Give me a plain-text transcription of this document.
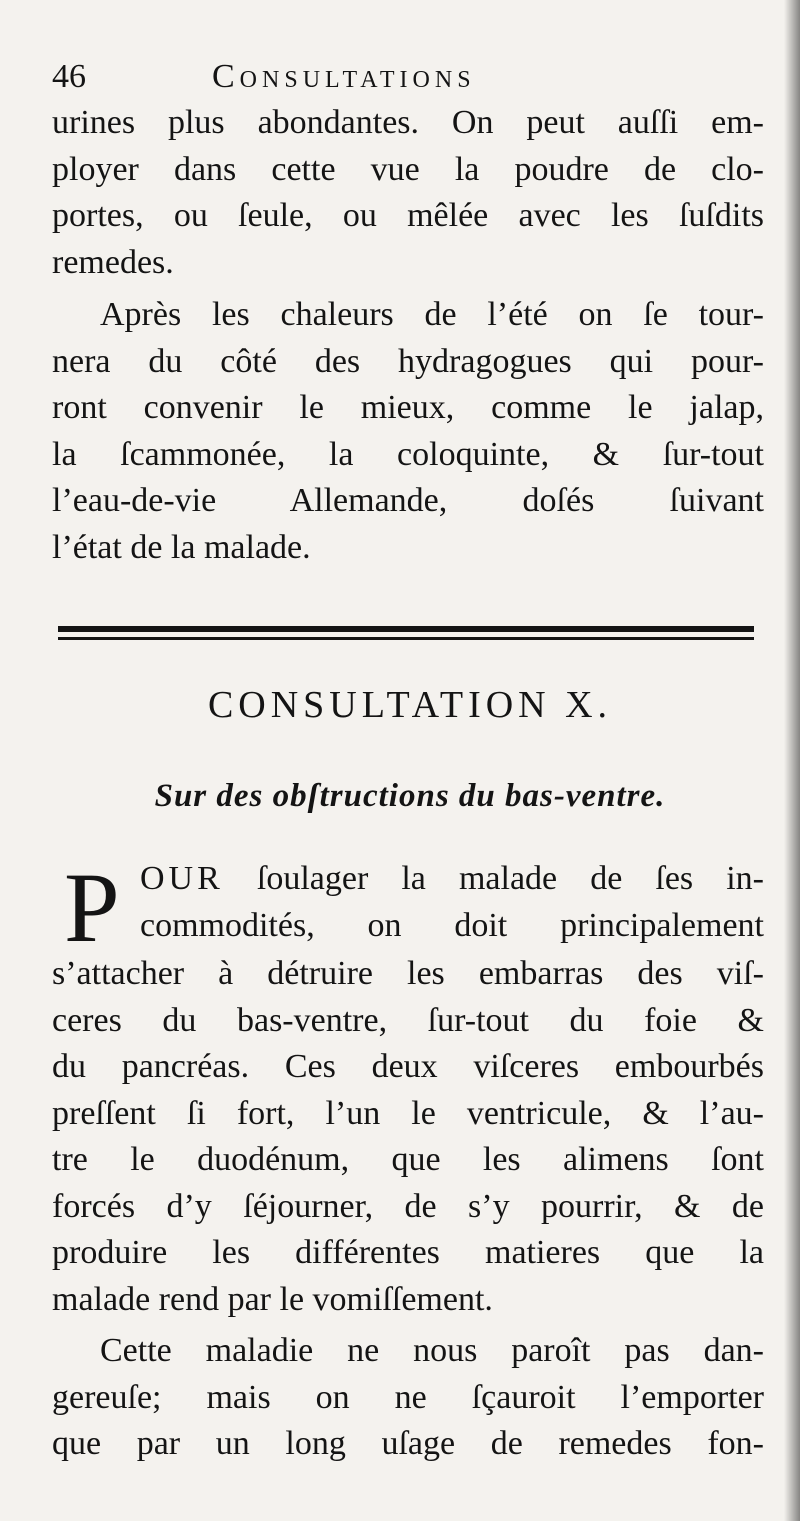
46	Consultations
urines plus abondantes. On peut auſſi em-
ployer dans cette vue la poudre de clo-
portes, ou ſeule, ou mêlée avec les ſuſdits
remedes.
Après les chaleurs de l’été on ſe tour-
nera du côté des hydragogues qui pour-
ront convenir le mieux, comme le jalap,
la ſcammonée, la coloquinte, & ſur-tout
l’eau-de-vie Allemande, doſés ſuivant
l’état de la malade.
CONSULTATION X.
Sur des obſtructions du bas-ventre.
P OUR ſoulager la malade de ſes in-
commodités, on doit principalement
s’attacher à détruire les embarras des viſ-
ceres du bas-ventre, ſur-tout du foie &
du pancréas. Ces deux viſceres embourbés
preſſent ſi fort, l’un le ventricule, & l’au-
tre le duodénum, que les alimens ſont
forcés d’y ſéjourner, de s’y pourrir, & de
produire les différentes matieres que la
malade rend par le vomiſſement.
Cette maladie ne nous paroît pas dan-
gereuſe; mais on ne ſçauroit l’emporter
que par un long uſage de remedes fon-
